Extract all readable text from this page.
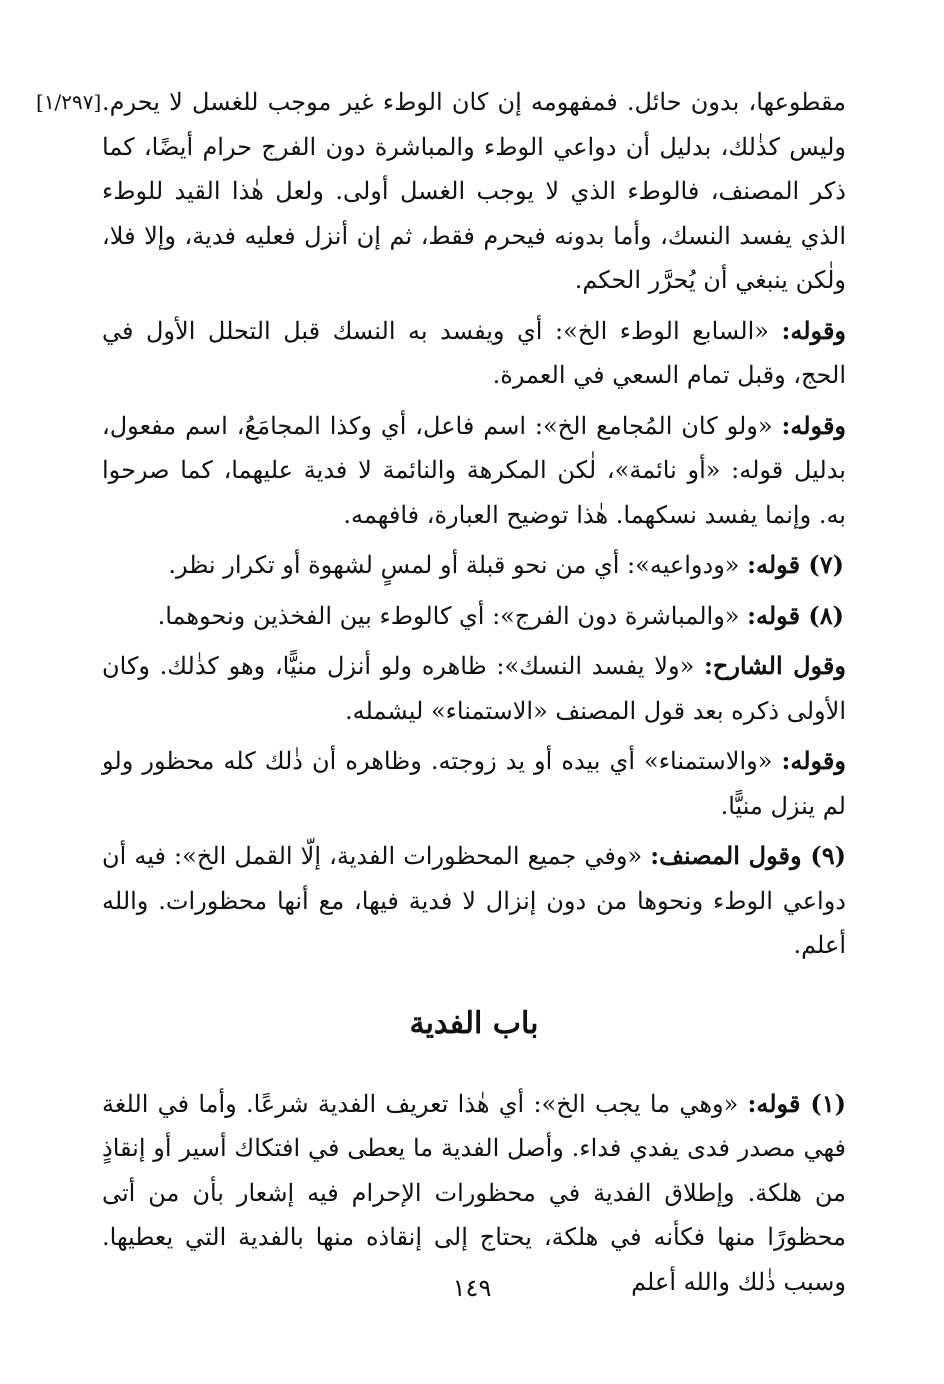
[١/٢٩٧] مقطوعها، بدون حائل. فمفهومه إن كان الوطء غير موجب للغسل لا يحرم. وليس كذٰلك، بدليل أن دواعي الوطء والمباشرة دون الفرج حرام أيضًا، كما ذكر المصنف، فالوطء الذي لا يوجب الغسل أولى. ولعل هٰذا القيد للوطء الذي يفسد النسك، وأما بدونه فيحرم فقط، ثم إن أنزل فعليه فدية، وإلا فلا، ولٰكن ينبغي أن يُحرَّر الحكم.

وقوله: «السابع الوطء الخ»: أي ويفسد به النسك قبل التحلل الأول في الحج، وقبل تمام السعي في العمرة.

وقوله: «ولو كان المُجامع الخ»: اسم فاعل، أي وكذا المجامَعُ، اسم مفعول، بدليل قوله: «أو نائمة»، لٰكن المكرهة والنائمة لا فدية عليهما، كما صرحوا به. وإنما يفسد نسكهما. هٰذا توضيح العبارة، فافهمه.

(٧) قوله: «ودواعيه»: أي من نحو قبلة أو لمسٍ لشهوة أو تكرار نظر.

(٨) قوله: «والمباشرة دون الفرج»: أي كالوطء بين الفخذين ونحوهما.

وقول الشارح: «ولا يفسد النسك»: ظاهره ولو أنزل منيًّا، وهو كذٰلك. وكان الأولى ذكره بعد قول المصنف «الاستمناء» ليشمله.

وقوله: «والاستمناء» أي بيده أو يد زوجته. وظاهره أن ذٰلك كله محظور ولو لم ينزل منيًّا.

(٩) وقول المصنف: «وفي جميع المحظورات الفدية، إلّا القمل الخ»: فيه أن دواعي الوطء ونحوها من دون إنزال لا فدية فيها، مع أنها محظورات. والله أعلم.

باب الفدية

(١) قوله: «وهي ما يجب الخ»: أي هٰذا تعريف الفدية شرعًا. وأما في اللغة فهي مصدر فدى يفدي فداء. وأصل الفدية ما يعطى في افتكاك أسير أو إنقاذٍ من هلكة. وإطلاق الفدية في محظورات الإحرام فيه إشعار بأن من أتى محظورًا منها فكأنه في هلكة، يحتاج إلى إنقاذه منها بالفدية التي يعطيها. وسبب ذٰلك والله أعلم

١٤٩
